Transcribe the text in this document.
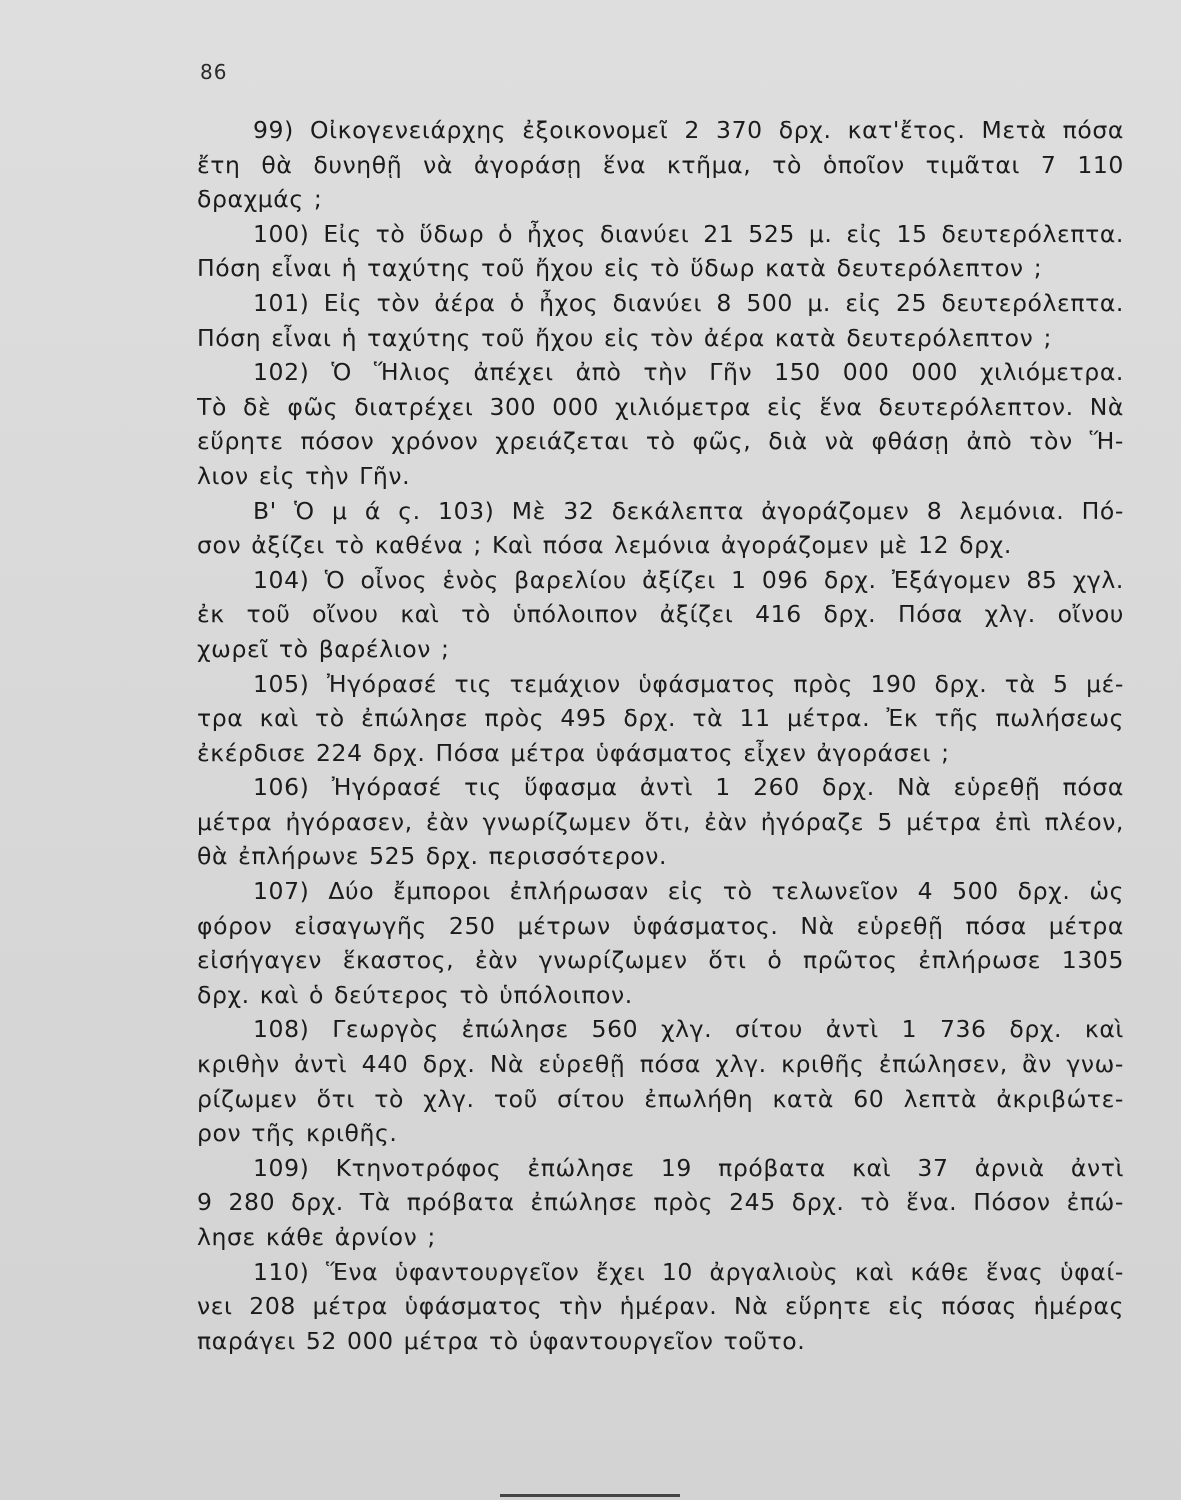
86
99) Οἰκογενειάρχης ἐξοικονομεῖ 2 370 δρχ. κατ'ἔτος. Μετὰ πόσα
ἔτη θὰ δυνηθῇ νὰ ἀγοράσῃ ἕνα κτῆμα, τὸ ὁποῖον τιμᾶται 7 110
δραχμάς ;
100) Εἰς τὸ ὕδωρ ὁ ἦχος διανύει 21 525 μ. εἰς 15 δευτερόλεπτα.
Πόση εἶναι ἡ ταχύτης τοῦ ἤχου εἰς τὸ ὕδωρ κατὰ δευτερόλεπτον ;
101) Εἰς τὸν ἀέρα ὁ ἦχος διανύει 8 500 μ. εἰς 25 δευτερόλεπτα.
Πόση εἶναι ἡ ταχύτης τοῦ ἤχου εἰς τὸν ἀέρα κατὰ δευτερόλεπτον ;
102) Ὁ Ἥλιος ἀπέχει ἀπὸ τὴν Γῆν 150 000 000 χιλιόμετρα.
Τὸ δὲ φῶς διατρέχει 300 000 χιλιόμετρα εἰς ἕνα δευτερόλεπτον. Νὰ
εὕρητε πόσον χρόνον χρειάζεται τὸ φῶς, διὰ νὰ φθάσῃ ἀπὸ τὸν Ἥ-
λιον εἰς τὴν Γῆν.
Β' Ὁ μ ά ς. 103) Μὲ 32 δεκάλεπτα ἀγοράζομεν 8 λεμόνια. Πό-
σον ἀξίζει τὸ καθένα ; Καὶ πόσα λεμόνια ἀγοράζομεν μὲ 12 δρχ.
104) Ὁ οἶνος ἑνὸς βαρελίου ἀξίζει 1 096 δρχ. Ἐξάγομεν 85 χγλ.
ἐκ τοῦ οἴνου καὶ τὸ ὑπόλοιπον ἀξίζει 416 δρχ. Πόσα χλγ. οἴνου
χωρεῖ τὸ βαρέλιον ;
105) Ἠγόρασέ τις τεμάχιον ὑφάσματος πρὸς 190 δρχ. τὰ 5 μέ-
τρα καὶ τὸ ἐπώλησε πρὸς 495 δρχ. τὰ 11 μέτρα. Ἐκ τῆς πωλήσεως
ἐκέρδισε 224 δρχ. Πόσα μέτρα ὑφάσματος εἶχεν ἀγοράσει ;
106) Ἠγόρασέ τις ὕφασμα ἀντὶ 1 260 δρχ. Νὰ εὑρεθῇ πόσα
μέτρα ἠγόρασεν, ἐὰν γνωρίζωμεν ὅτι, ἐὰν ἠγόραζε 5 μέτρα ἐπὶ πλέον,
θὰ ἐπλήρωνε 525 δρχ. περισσότερον.
107) Δύο ἔμποροι ἐπλήρωσαν εἰς τὸ τελωνεῖον 4 500 δρχ. ὡς
φόρον εἰσαγωγῆς 250 μέτρων ὑφάσματος. Νὰ εὑρεθῇ πόσα μέτρα
εἰσήγαγεν ἕκαστος, ἐὰν γνωρίζωμεν ὅτι ὁ πρῶτος ἐπλήρωσε 1305
δρχ. καὶ ὁ δεύτερος τὸ ὑπόλοιπον.
108) Γεωργὸς ἐπώλησε 560 χλγ. σίτου ἀντὶ 1 736 δρχ. καὶ
κριθὴν ἀντὶ 440 δρχ. Νὰ εὑρεθῇ πόσα χλγ. κριθῆς ἐπώλησεν, ἂν γνω-
ρίζωμεν ὅτι τὸ χλγ. τοῦ σίτου ἐπωλήθη κατὰ 60 λεπτὰ ἀκριβώτε-
ρον τῆς κριθῆς.
109) Κτηνοτρόφος ἐπώλησε 19 πρόβατα καὶ 37 ἀρνιὰ ἀντὶ
9 280 δρχ. Τὰ πρόβατα ἐπώλησε πρὸς 245 δρχ. τὸ ἕνα. Πόσον ἐπώ-
λησε κάθε ἀρνίον ;
110) Ἕνα ὑφαντουργεῖον ἔχει 10 ἀργαλιοὺς καὶ κάθε ἕνας ὑφαί-
νει 208 μέτρα ὑφάσματος τὴν ἡμέραν. Νὰ εὕρητε εἰς πόσας ἡμέρας
παράγει 52 000 μέτρα τὸ ὑφαντουργεῖον τοῦτο.
